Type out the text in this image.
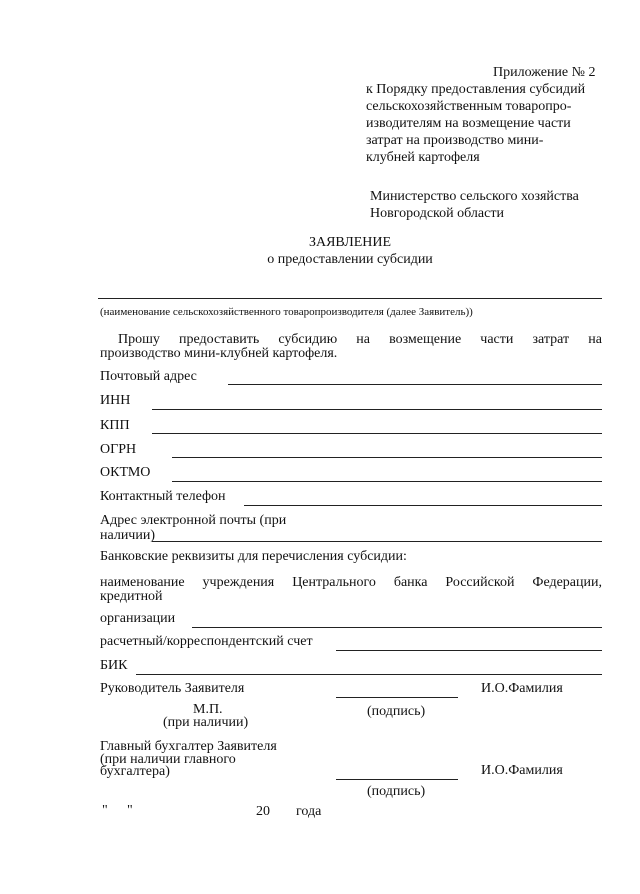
Приложение № 2
к Порядку предоставления субсидий
сельскохозяйственным товаропро-
изводителям на возмещение части
затрат на производство мини-
клубней картофеля
Министерство сельского хозяйства
Новгородской области
ЗАЯВЛЕНИЕ
о предоставлении субсидии
(наименование сельскохозяйственного товаропроизводителя (далее Заявитель))
Прошу предоставить субсидию на возмещение части затрат на
производство мини-клубней картофеля.
Почтовый адрес
ИНН
КПП
ОГРН
ОКТМО
Контактный телефон
Адрес электронной почты (при
наличии)
Банковские реквизиты для перечисления субсидии:
наименование учреждения Центрального банка Российской Федерации,
кредитной
организации
расчетный/корреспондентский счет
БИК
Руководитель Заявителя	И.О.Фамилия
М.П.
(при наличии)
(подпись)
Главный бухгалтер Заявителя
(при наличии главного
бухгалтера)	И.О.Фамилия
(подпись)
" "	20 года
